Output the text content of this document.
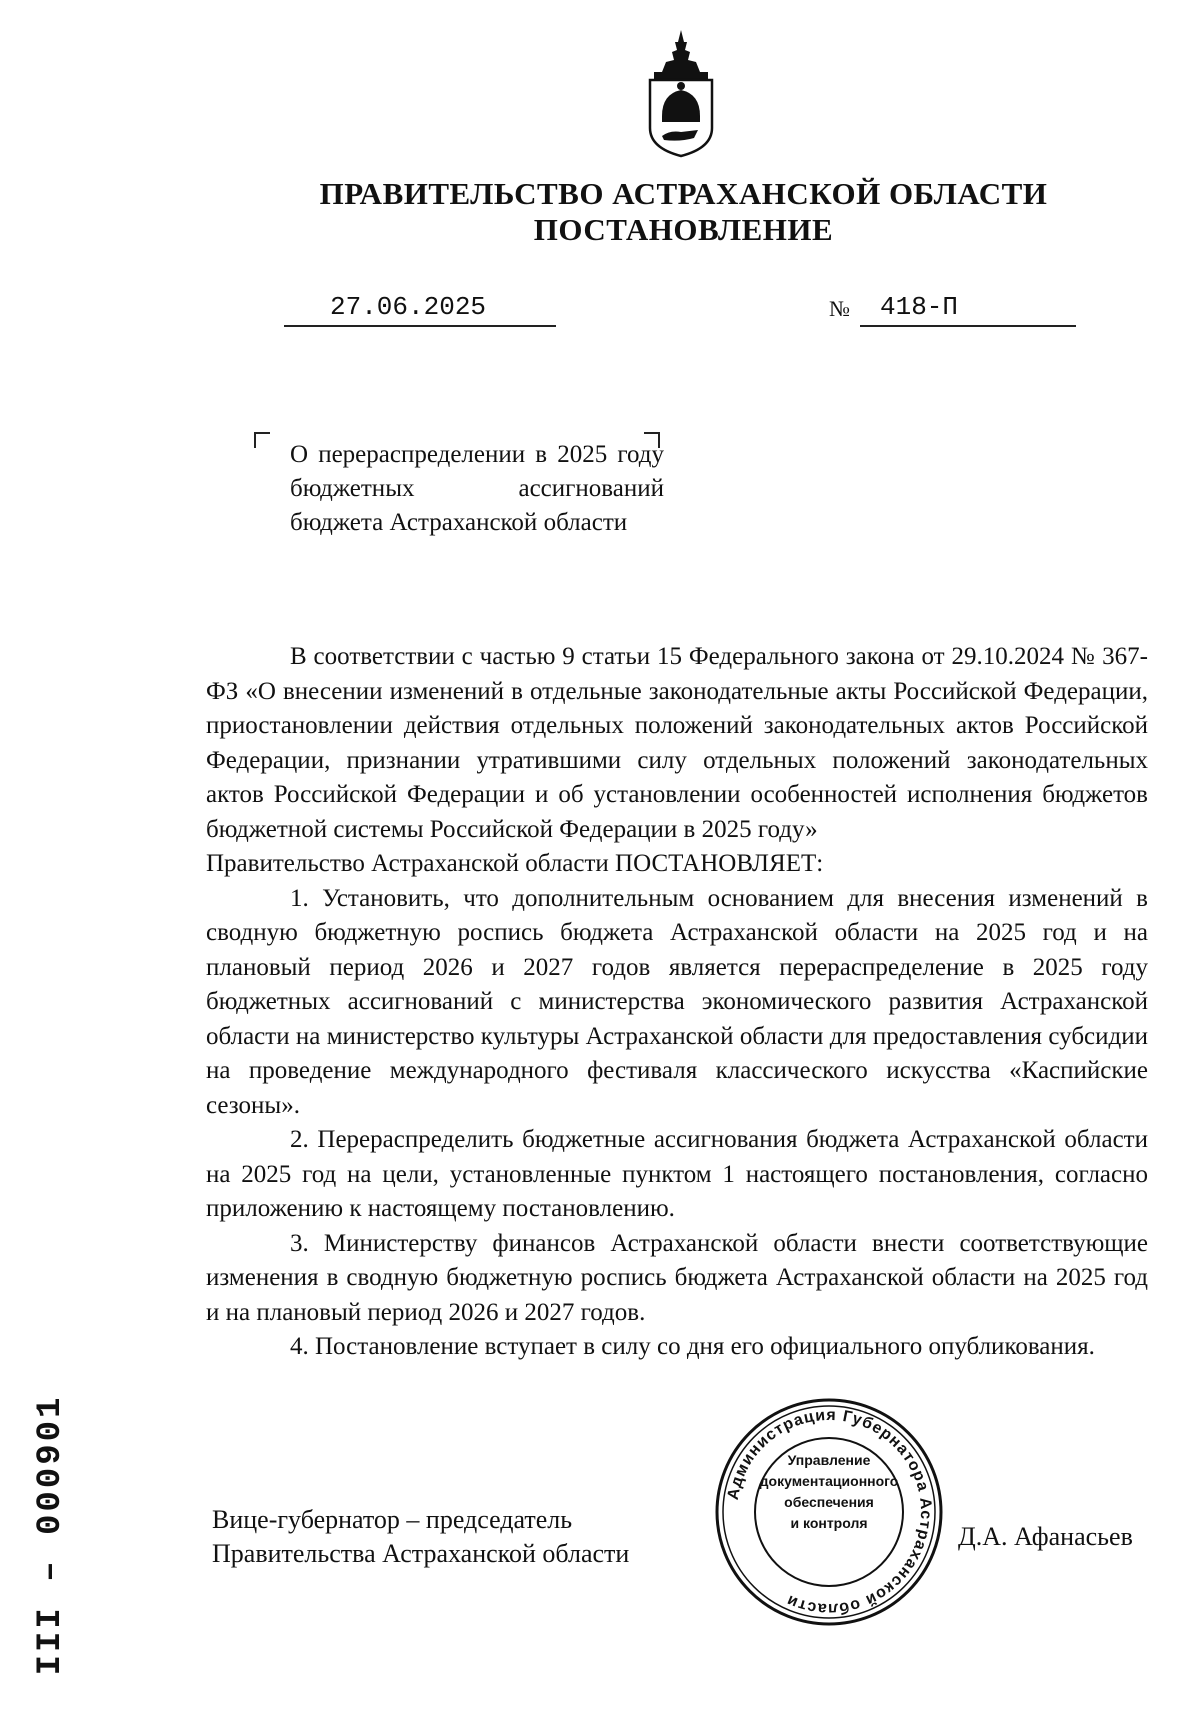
ПРАВИТЕЛЬСТВО АСТРАХАНСКОЙ ОБЛАСТИ
ПОСТАНОВЛЕНИЕ
27.06.2025	№ 418-П
О перераспределении в 2025 году бюджетных ассигнований бюджета Астраханской области

В соответствии с частью 9 статьи 15 Федерального закона от 29.10.2024 № 367-ФЗ «О внесении изменений в отдельные законодательные акты Российской Федерации, приостановлении действия отдельных положений законодательных актов Российской Федерации, признании утратившими силу отдельных положений законодательных актов Российской Федерации и об установлении особенностей исполнения бюджетов бюджетной системы Российской Федерации в 2025 году»

Правительство Астраханской области ПОСТАНОВЛЯЕТ:

1. Установить, что дополнительным основанием для внесения изменений в сводную бюджетную роспись бюджета Астраханской области на 2025 год и на плановый период 2026 и 2027 годов является перераспределение в 2025 году бюджетных ассигнований с министерства экономического развития Астраханской области на министерство культуры Астраханской области для предоставления субсидии на проведение международного фестиваля классического искусства «Каспийские сезоны».

2. Перераспределить бюджетные ассигнования бюджета Астраханской области на 2025 год на цели, установленные пунктом 1 настоящего постановления, согласно приложению к настоящему постановлению.

3. Министерству финансов Астраханской области внести соответствующие изменения в сводную бюджетную роспись бюджета Астраханской области на 2025 год и на плановый период 2026 и 2027 годов.

4. Постановление вступает в силу со дня его официального опубликования.

Вице-губернатор – председатель
Правительства Астраханской области
Д.А. Афанасьев
Администрация Губернатора Астраханской области
Управление
документационного
обеспечения
и контроля
III – 000901
